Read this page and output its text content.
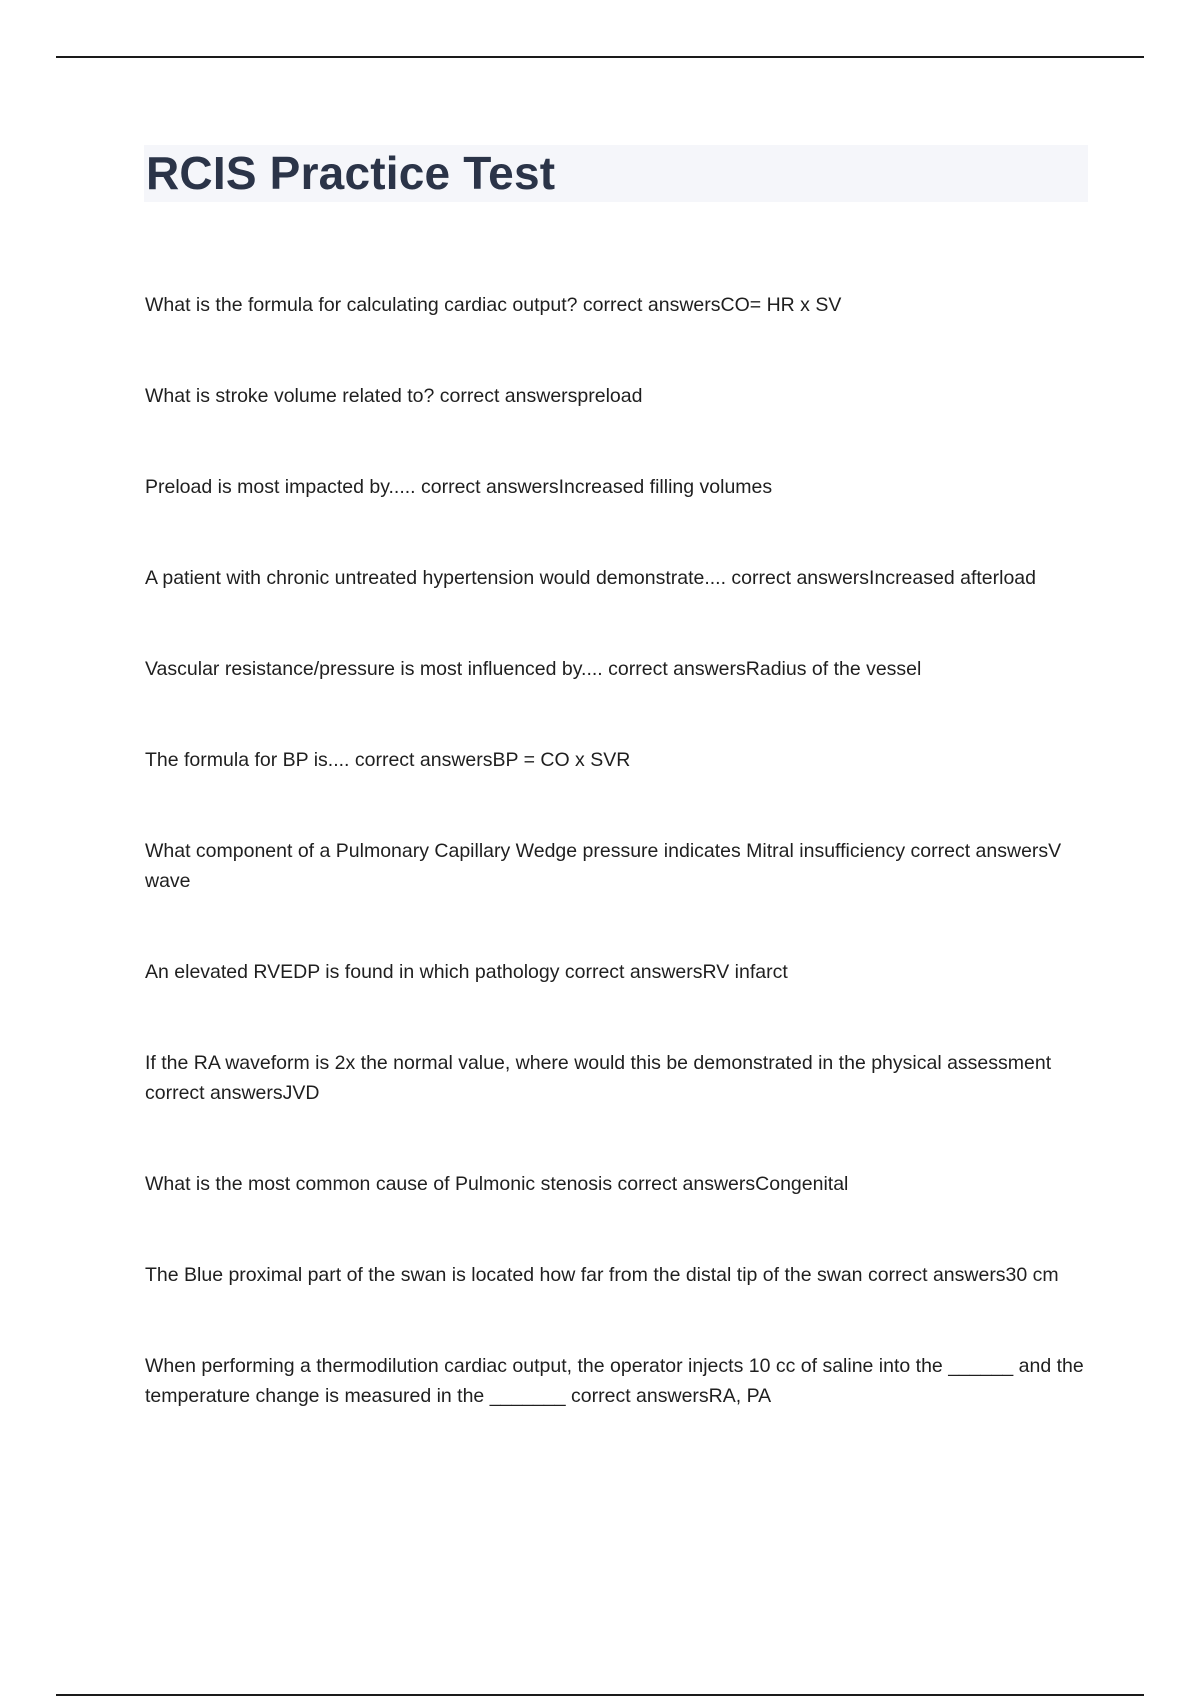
RCIS Practice Test

What is the formula for calculating cardiac output? correct answersCO= HR x SV

What is stroke volume related to? correct answerspreload

Preload is most impacted by..... correct answersIncreased filling volumes

A patient with chronic untreated hypertension would demonstrate.... correct answersIncreased afterload

Vascular resistance/pressure is most influenced by.... correct answersRadius of the vessel

The formula for BP is.... correct answersBP = CO x SVR

What component of a Pulmonary Capillary Wedge pressure indicates Mitral insufficiency correct answersV wave

An elevated RVEDP is found in which pathology correct answersRV infarct

If the RA waveform is 2x the normal value, where would this be demonstrated in the physical assessment correct answersJVD

What is the most common cause of Pulmonic stenosis correct answersCongenital

The Blue proximal part of the swan is located how far from the distal tip of the swan correct answers30 cm

When performing a thermodilution cardiac output, the operator injects 10 cc of saline into the ______ and the temperature change is measured in the _______ correct answersRA, PA
